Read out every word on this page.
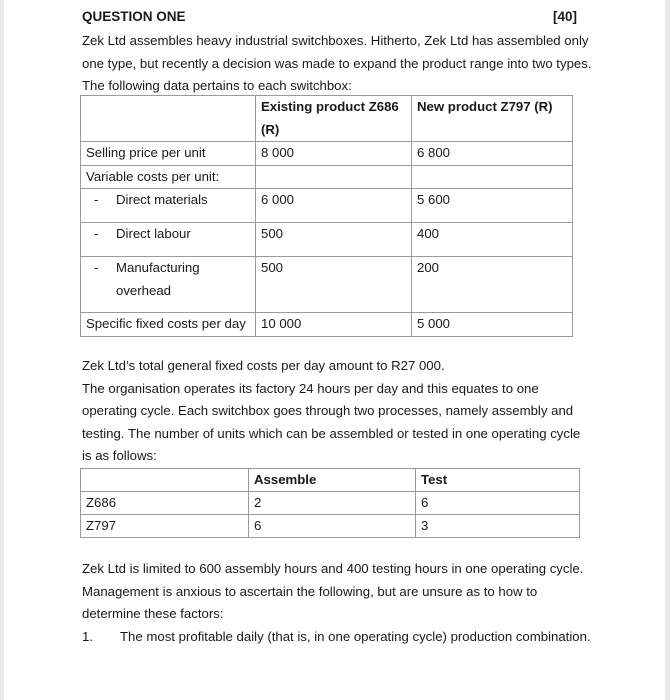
QUESTION ONE	[40]
Zek Ltd assembles heavy industrial switchboxes. Hitherto, Zek Ltd has assembled only
one type, but recently a decision was made to expand the product range into two types.
The following data pertains to each switchbox:
	Existing product Z686 (R)	New product Z797 (R)
Selling price per unit	8 000	6 800
Variable costs per unit:		
- Direct materials	6 000	5 600
- Direct labour	500	400

- Manufacturing overhead	500	200
Specific fixed costs per day	10 000	5 000
Zek Ltd’s total general fixed costs per day amount to R27 000.
The organisation operates its factory 24 hours per day and this equates to one
operating cycle. Each switchbox goes through two processes, namely assembly and
testing. The number of units which can be assembled or tested in one operating cycle
is as follows:
	Assemble	Test
Z686	2	6
Z797	6	3
Zek Ltd is limited to 600 assembly hours and 400 testing hours in one operating cycle.
Management is anxious to ascertain the following, but are unsure as to how to
determine these factors:
1. The most profitable daily (that is, in one operating cycle) production combination.
